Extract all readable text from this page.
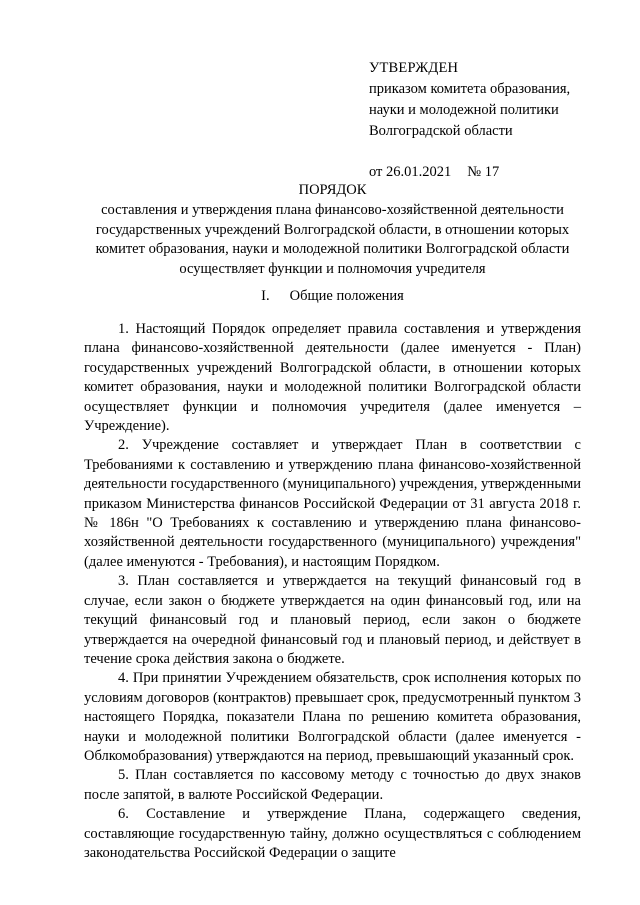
УТВЕРЖДЕН
приказом комитета образования,
науки и молодежной политики
Волгоградской области
от 26.01.2021 № 17
ПОРЯДОК
составления и утверждения плана финансово-хозяйственной деятельности государственных учреждений Волгоградской области, в отношении которых комитет образования, науки и молодежной политики Волгоградской области осуществляет функции и полномочия учредителя
I. Общие положения

1. Настоящий Порядок определяет правила составления и утверждения плана финансово-хозяйственной деятельности (далее именуется - План) государственных учреждений Волгоградской области, в отношении которых комитет образования, науки и молодежной политики Волгоградской области осуществляет функции и полномочия учредителя (далее именуется – Учреждение).

2. Учреждение составляет и утверждает План в соответствии с Требованиями к составлению и утверждению плана финансово-хозяйственной деятельности государственного (муниципального) учреждения, утвержденными приказом Министерства финансов Российской Федерации от 31 августа 2018 г. № 186н "О Требованиях к составлению и утверждению плана финансово-хозяйственной деятельности государственного (муниципального) учреждения" (далее именуются - Требования), и настоящим Порядком.

3. План составляется и утверждается на текущий финансовый год в случае, если закон о бюджете утверждается на один финансовый год, или на текущий финансовый год и плановый период, если закон о бюджете утверждается на очередной финансовый год и плановый период, и действует в течение срока действия закона о бюджете.

4. При принятии Учреждением обязательств, срок исполнения которых по условиям договоров (контрактов) превышает срок, предусмотренный пунктом 3 настоящего Порядка, показатели Плана по решению комитета образования, науки и молодежной политики Волгоградской области (далее именуется - Облкомобразования) утверждаются на период, превышающий указанный срок.

5. План составляется по кассовому методу с точностью до двух знаков после запятой, в валюте Российской Федерации.

6. Составление и утверждение Плана, содержащего сведения, составляющие государственную тайну, должно осуществляться с соблюдением законодательства Российской Федерации о защите
